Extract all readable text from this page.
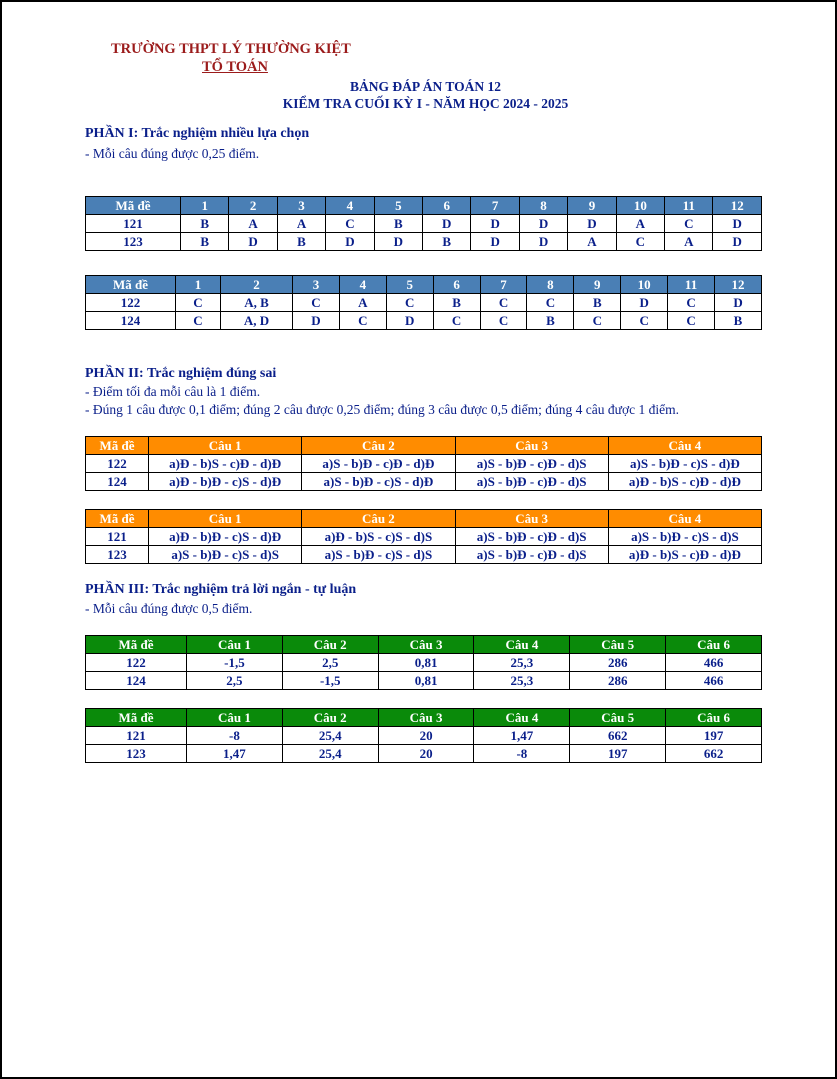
TRƯỜNG THPT LÝ THƯỜNG KIỆT
TỔ TOÁN
BẢNG ĐÁP ÁN TOÁN 12
KIỂM TRA CUỐI KỲ I - NĂM HỌC 2024 - 2025
PHẦN I: Trắc nghiệm nhiều lựa chọn
- Mỗi câu đúng được 0,25 điểm.
Mã đề	1	2	3	4	5	6	7	8	9	10	11	12
121	B	A	A	C	B	D	D	D	D	A	C	D
123	B	D	B	D	D	B	D	D	A	C	A	D
Mã đề	1	2	3	4	5	6	7	8	9	10	11	12
122	C	A, B	C	A	C	B	C	C	B	D	C	D
124	C	A, D	D	C	D	C	C	B	C	C	C	B
PHẦN II: Trắc nghiệm đúng sai
- Điểm tối đa mỗi câu là 1 điểm.
- Đúng 1 câu được 0,1 điểm; đúng 2 câu được 0,25 điểm; đúng 3 câu được 0,5 điểm; đúng 4 câu được 1 điểm.
Mã đề	Câu 1	Câu 2	Câu 3	Câu 4
122	a)Đ - b)S - c)Đ - d)Đ	a)S - b)Đ - c)Đ - d)Đ	a)S - b)Đ - c)Đ - d)S	a)S - b)Đ - c)S - d)Đ
124	a)Đ - b)Đ - c)S - d)Đ	a)S - b)Đ - c)S - d)Đ	a)S - b)Đ - c)Đ - d)S	a)Đ - b)S - c)Đ - d)Đ
Mã đề	Câu 1	Câu 2	Câu 3	Câu 4
121	a)Đ - b)Đ - c)S - d)Đ	a)Đ - b)S - c)S - d)S	a)S - b)Đ - c)Đ - d)S	a)S - b)Đ - c)S - d)S
123	a)S - b)Đ - c)S - d)S	a)S - b)Đ - c)S - d)S	a)S - b)Đ - c)Đ - d)S	a)Đ - b)S - c)Đ - d)Đ
PHẦN III: Trắc nghiệm trả lời ngắn - tự luận
- Mỗi câu đúng được 0,5 điểm.
Mã đề	Câu 1	Câu 2	Câu 3	Câu 4	Câu 5	Câu 6
122	-1,5	2,5	0,81	25,3	286	466
124	2,5	-1,5	0,81	25,3	286	466
Mã đề	Câu 1	Câu 2	Câu 3	Câu 4	Câu 5	Câu 6
121	-8	25,4	20	1,47	662	197
123	1,47	25,4	20	-8	197	662
